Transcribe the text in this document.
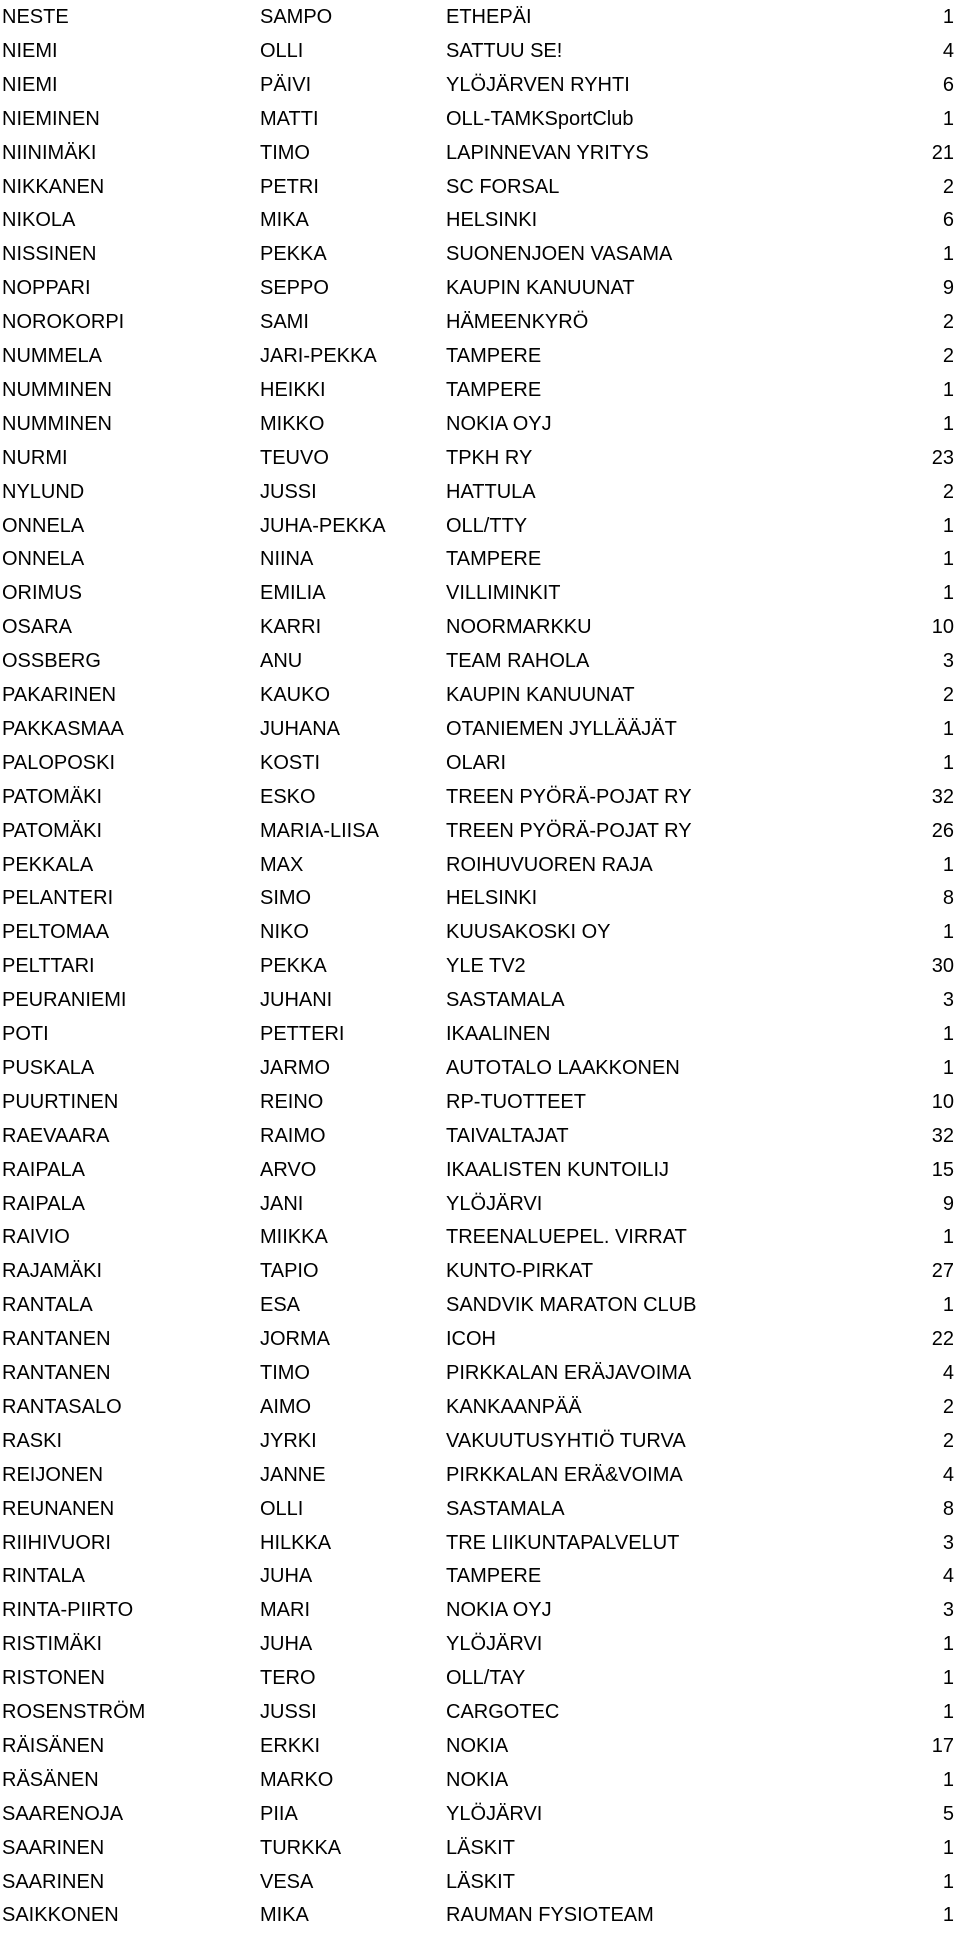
NESTE	SAMPO	ETHEPÄI	1
NIEMI	OLLI	SATTUU SE!	4
NIEMI	PÄIVI	YLÖJÄRVEN RYHTI	6
NIEMINEN	MATTI	OLL-TAMKSportClub	1
NIINIMÄKI	TIMO	LAPINNEVAN YRITYS	21
NIKKANEN	PETRI	SC FORSAL	2
NIKOLA	MIKA	HELSINKI	6
NISSINEN	PEKKA	SUONENJOEN VASAMA	1
NOPPARI	SEPPO	KAUPIN KANUUNAT	9
NOROKORPI	SAMI	HÄMEENKYRÖ	2
NUMMELA	JARI-PEKKA	TAMPERE	2
NUMMINEN	HEIKKI	TAMPERE	1
NUMMINEN	MIKKO	NOKIA OYJ	1
NURMI	TEUVO	TPKH RY	23
NYLUND	JUSSI	HATTULA	2
ONNELA	JUHA-PEKKA	OLL/TTY	1
ONNELA	NIINA	TAMPERE	1
ORIMUS	EMILIA	VILLIMINKIT	1
OSARA	KARRI	NOORMARKKU	10
OSSBERG	ANU	TEAM RAHOLA	3
PAKARINEN	KAUKO	KAUPIN KANUUNAT	2
PAKKASMAA	JUHANA	OTANIEMEN JYLLÄÄJÄT	1
PALOPOSKI	KOSTI	OLARI	1
PATOMÄKI	ESKO	TREEN PYÖRÄ-POJAT RY	32
PATOMÄKI	MARIA-LIISA	TREEN PYÖRÄ-POJAT RY	26
PEKKALA	MAX	ROIHUVUOREN RAJA	1
PELANTERI	SIMO	HELSINKI	8
PELTOMAA	NIKO	KUUSAKOSKI OY	1
PELTTARI	PEKKA	YLE TV2	30
PEURANIEMI	JUHANI	SASTAMALA	3
POTI	PETTERI	IKAALINEN	1
PUSKALA	JARMO	AUTOTALO LAAKKONEN	1
PUURTINEN	REINO	RP-TUOTTEET	10
RAEVAARA	RAIMO	TAIVALTAJAT	32
RAIPALA	ARVO	IKAALISTEN KUNTOILIJ	15
RAIPALA	JANI	YLÖJÄRVI	9
RAIVIO	MIIKKA	TREENALUEPEL. VIRRAT	1
RAJAMÄKI	TAPIO	KUNTO-PIRKAT	27
RANTALA	ESA	SANDVIK MARATON CLUB	1
RANTANEN	JORMA	ICOH	22
RANTANEN	TIMO	PIRKKALAN ERÄJAVOIMA	4
RANTASALO	AIMO	KANKAANPÄÄ	2
RASKI	JYRKI	VAKUUTUSYHTIÖ TURVA	2
REIJONEN	JANNE	PIRKKALAN ERÄ&VOIMA	4
REUNANEN	OLLI	SASTAMALA	8
RIIHIVUORI	HILKKA	TRE LIIKUNTAPALVELUT	3
RINTALA	JUHA	TAMPERE	4
RINTA-PIIRTO	MARI	NOKIA OYJ	3
RISTIMÄKI	JUHA	YLÖJÄRVI	1
RISTONEN	TERO	OLL/TAY	1
ROSENSTRÖM	JUSSI	CARGOTEC	1
RÄISÄNEN	ERKKI	NOKIA	17
RÄSÄNEN	MARKO	NOKIA	1
SAARENOJA	PIIA	YLÖJÄRVI	5
SAARINEN	TURKKA	LÄSKIT	1
SAARINEN	VESA	LÄSKIT	1
SAIKKONEN	MIKA	RAUMAN FYSIOTEAM	1
